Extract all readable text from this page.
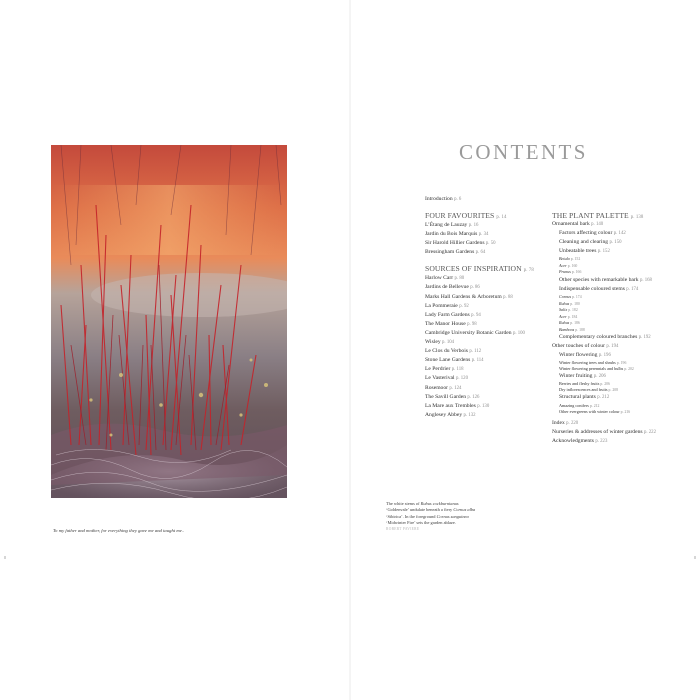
To my father and mother, for everything they gave me and taught me..
CONTENTS
Introduction p. 6
FOUR FAVOURITES p. 14
L’Étang de Lauzay p. 16
Jardin du Bois Marquis p. 34
Sir Harold Hillier Gardens p. 50
Bressingham Gardens p. 64
SOURCES OF INSPIRATION p. 78
Harlow Carr p. 80
Jardins de Bellevue p. 86
Marks Hall Gardens & Arboretum p. 88
La Pommeraie p. 92
Lady Farm Gardens p. 94
The Manor House p. 98
Cambridge University Botanic Garden p. 100
Wisley p. 104
Le Clos du Verbois p. 112
Stone Lane Gardens p. 114
Le Perdrier p. 118
Le Vasterival p. 120
Rosemoor p. 124
The Savill Garden p. 126
La Mare aux Trembles p. 130
Anglesey Abbey p. 132
THE PLANT PALETTE p. 138
Ornamental bark p. 140
Factors affecting colour p. 142
Cleaning and clearing p. 150
Unbeatable trees p. 152
Betula p. 152
Acer p. 160
Prunus p. 166
Other species with remarkable bark p. 168
Indispensable coloured stems p. 174
Cornus p. 174
Rubus p. 180
Salix p. 182
Acer p. 184
Rubus p. 186
Bamboos p. 188
Complementary coloured branches p. 192
Other touches of colour p. 194
Winter flowering p. 196
Winter flowering trees and shrubs p. 196
Winter flowering perennials and bulbs p. 202
Winter fruiting p. 206
Berries and fleshy fruits p. 206
Dry inflorescences and fruits p. 208
Structural plants p. 212
Amazing conifers p. 212
Other evergreens with winter colour p. 216
Index p. 220
Nurseries & addresses of winter gardens p. 222
Acknowledgments p. 223
The white stems of Rubus cockburnianus
‘Goldenvale’ undulate beneath a fiery Cornus alba
‘Sibirica’. In the foreground Cornus sanguinea
‘Midwinter Fire’ sets the garden ablaze.
ROBERT PAVIERE
